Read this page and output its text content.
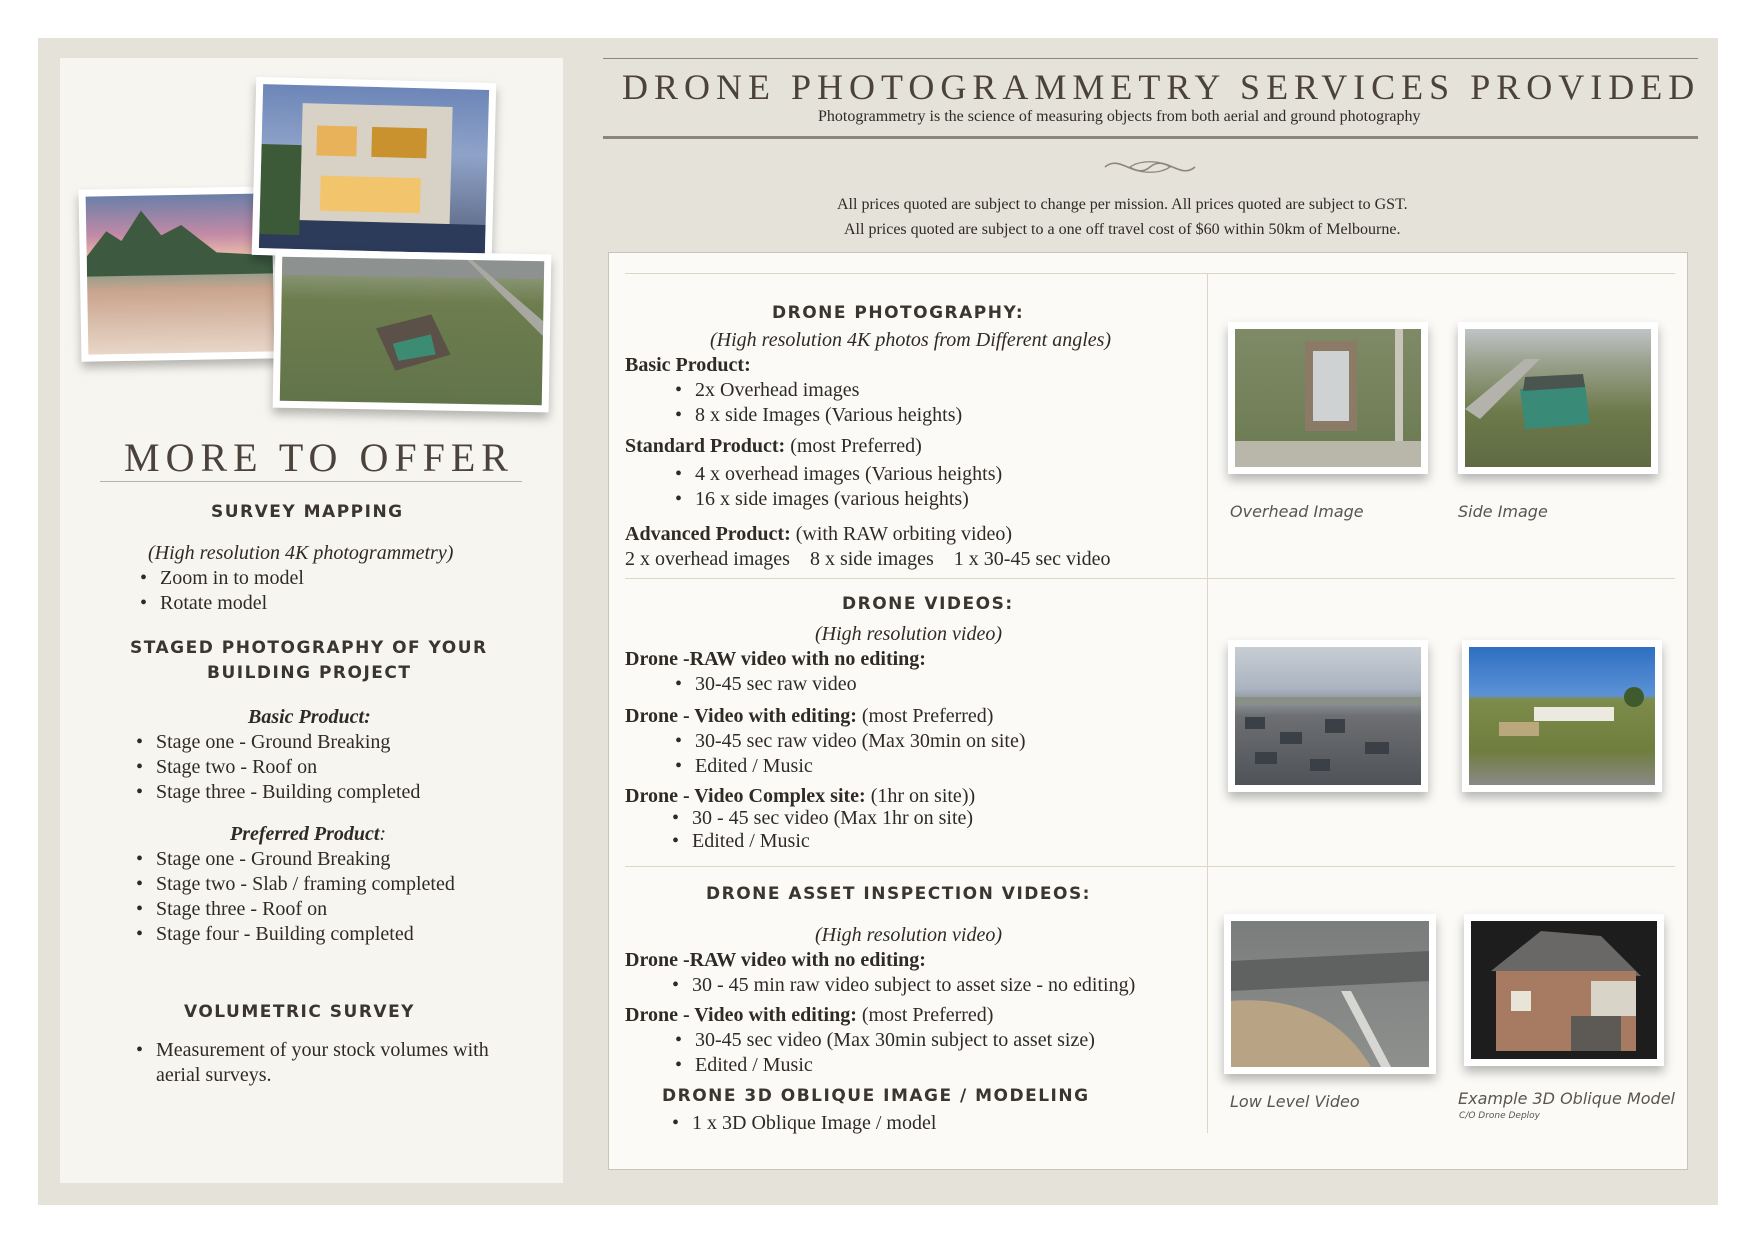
MORE TO OFFER
SURVEY MAPPING
(High resolution 4K photogrammetry)
• Zoom in to model
• Rotate model
STAGED PHOTOGRAPHY OF YOUR
BUILDING PROJECT
Basic Product:
• Stage one - Ground Breaking
• Stage two - Roof on
• Stage three - Building completed
Preferred Product:
• Stage one - Ground Breaking
• Stage two - Slab / framing completed
• Stage three - Roof on
• Stage four - Building completed
VOLUMETRIC SURVEY
• Measurement of your stock volumes with
aerial surveys.
DRONE PHOTOGRAMMETRY SERVICES PROVIDED
Photogrammetry is the science of measuring objects from both aerial and ground photography
All prices quoted are subject to change per mission. All prices quoted are subject to GST.
All prices quoted are subject to a one off travel cost of $60 within 50km of Melbourne.
DRONE PHOTOGRAPHY:
(High resolution 4K photos from Different angles)
Basic Product:
• 2x Overhead images
• 8 x side Images (Various heights)
Standard Product: (most Preferred)
• 4 x overhead images (Various heights)
• 16 x side images (various heights)
Advanced Product: (with RAW orbiting video)
2 x overhead images    8 x side images    1 x 30-45 sec video
Overhead Image	Side Image
DRONE VIDEOS:
(High resolution video)
Drone -RAW video with no editing:
• 30-45 sec raw video
Drone - Video with editing: (most Preferred)
• 30-45 sec raw video (Max 30min on site)
• Edited / Music
Drone - Video Complex site: (1hr on site))
• 30 - 45 sec video (Max 1hr on site)
• Edited / Music
DRONE ASSET INSPECTION VIDEOS:
(High resolution video)
Drone -RAW video with no editing:
• 30 - 45 min raw video subject to asset size - no editing)
Drone - Video with editing: (most Preferred)
• 30-45 sec video (Max 30min subject to asset size)
• Edited / Music
DRONE 3D OBLIQUE IMAGE / MODELING
• 1 x 3D Oblique Image / model
Low Level Video	Example 3D Oblique Model
C/O Drone Deploy
